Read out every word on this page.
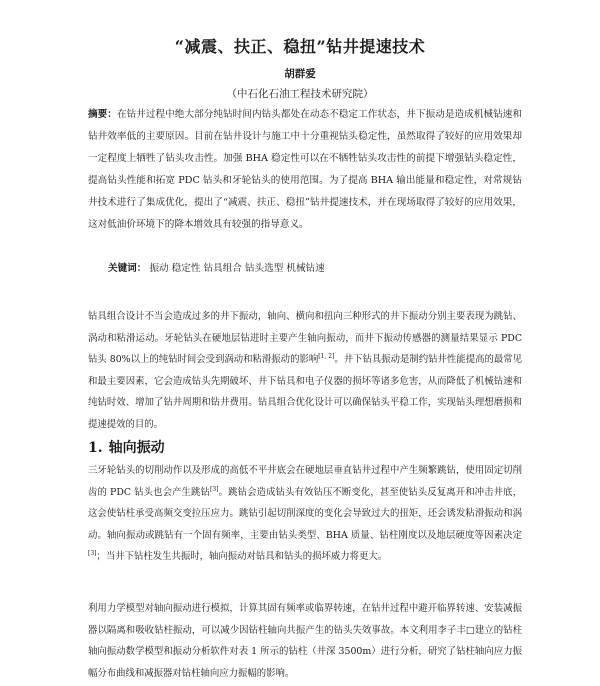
“减震、扶正、稳扭”钻井提速技术
胡群爱
（中石化石油工程技术研究院）
摘要：在钻井过程中绝大部分纯钻时间内钻头都处在动态不稳定工作状态，井下振动是造成机械钻速和钻井效率低的主要原因。目前在钻井设计与施工中十分重视钻头稳定性，虽然取得了较好的应用效果却一定程度上牺牲了钻头攻击性。加强 BHA 稳定性可以在不牺牲钻头攻击性的前提下增强钻头稳定性，提高钻头性能和拓宽 PDC 钻头和牙轮钻头的使用范围。为了提高 BHA 输出能量和稳定性，对常规钻井技术进行了集成优化，提出了“减震、扶正、稳扭”钻井提速技术，并在现场取得了较好的应用效果，这对低油价环境下的降本增效具有较强的指导意义。
关键词： 振动 稳定性 钻具组合 钻头选型 机械钻速
钻具组合设计不当会造成过多的井下振动，轴向、横向和扭向三种形式的井下振动分别主要表现为跳钻、涡动和粘滑运动。牙轮钻头在硬地层钻进时主要产生轴向振动，而井下振动传感器的测量结果显示 PDC 钻头 80%以上的纯钻时间会受到涡动和粘滑振动的影响[1, 2]。井下钻具振动是制约钻井性能提高的最常见和最主要因素，它会造成钻头先期破坏、井下钻具和电子仪器的损坏等诸多危害，从而降低了机械钻速和纯钻时效、增加了钻井周期和钻井费用。钻具组合优化设计可以确保钻头平稳工作，实现钻头理想磨损和提速提效的目的。
1. 轴向振动
三牙轮钻头的切削动作以及形成的高低不平井底会在硬地层垂直钻井过程中产生频繁跳钻，使用固定切削齿的 PDC 钻头也会产生跳钻[3]。跳钻会造成钻头有效钻压不断变化，甚至使钻头反复离开和冲击井底，这会使钻柱承受高频交变拉压应力。跳钻引起切削深度的变化会导致过大的扭矩，还会诱发粘滑振动和涡动。轴向振动或跳钻有一个固有频率，主要由钻头类型、BHA 质量、钻柱刚度以及地层硬度等因素决定[3]；当井下钻柱发生共振时，轴向振动对钻具和钻头的损坏威力将更大。
利用力学模型对轴向振动进行模拟，计算其固有频率或临界转速，在钻井过程中避开临界转速、安装减振器以隔离和吸收钻柱振动，可以减少因钻柱轴向共振产生的钻头失效事故。本文利用李子丰□建立的钻柱轴向振动数学模型和振动分析软件对表 1 所示的钻柱（井深 3500m）进行分析，研究了钻柱轴向应力振幅分布曲线和减振器对钻柱轴向应力振幅的影响。
